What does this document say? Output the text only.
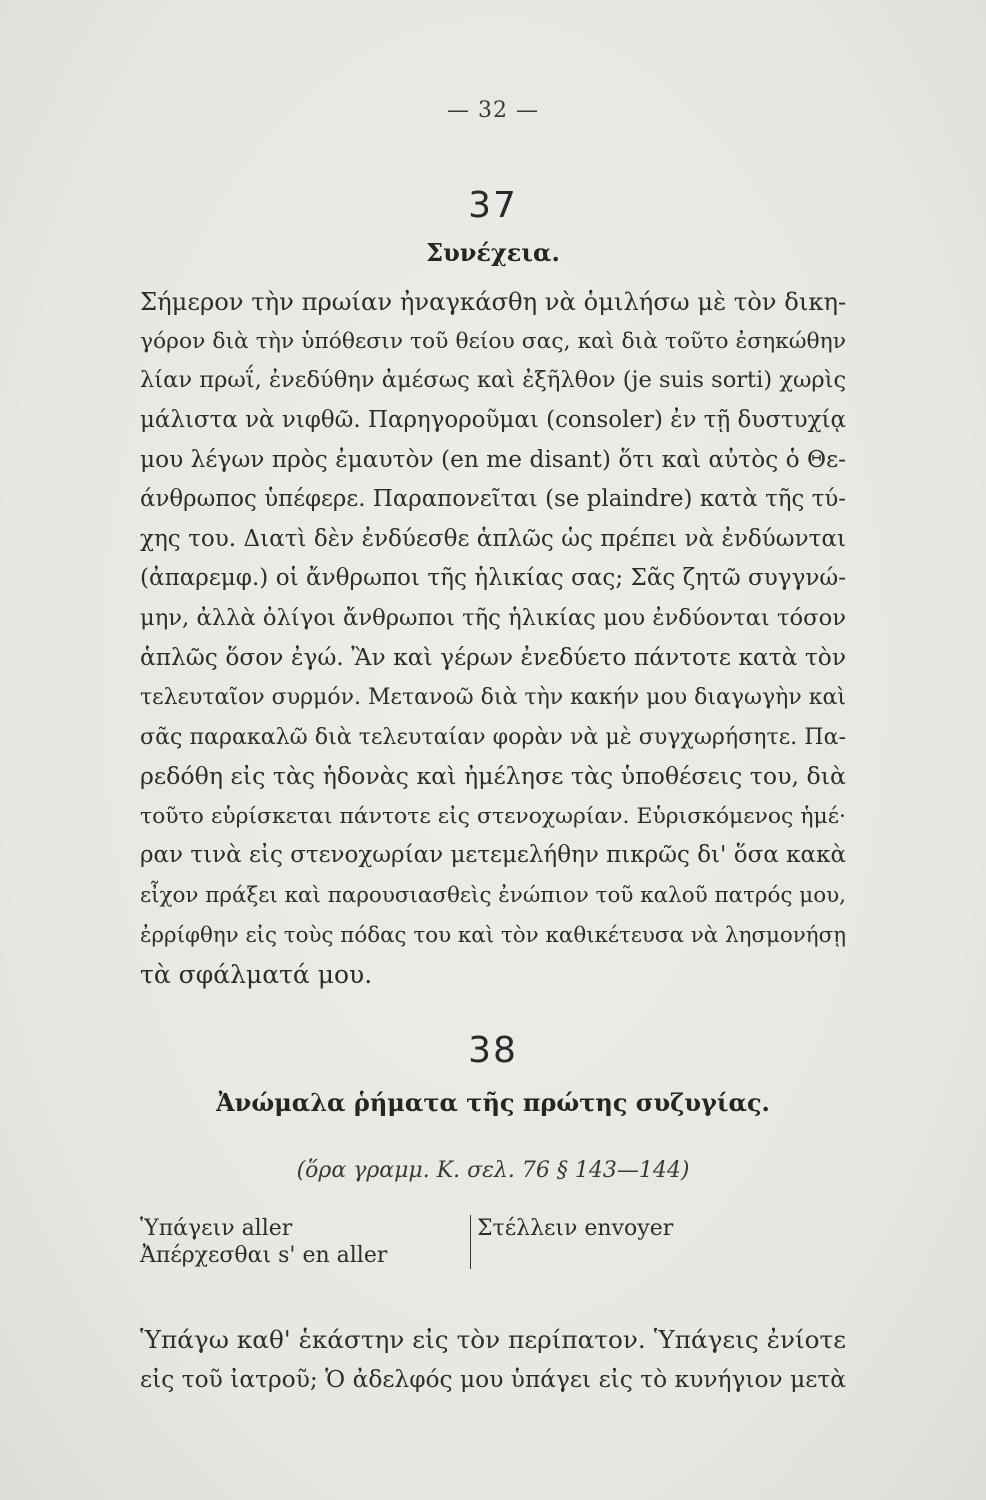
— 32 —
37
Συνέχεια.
Σήμερον τὴν πρωίαν ἠναγκάσθη νὰ ὁμιλήσω μὲ τὸν δικη-
γόρον διὰ τὴν ὑπόθεσιν τοῦ θείου σας, καὶ διὰ τοῦτο ἐσηκώθην
λίαν πρωΐ, ἐνεδύθην ἀμέσως καὶ ἐξῆλθον (je suis sorti) χωρὶς
μάλιστα νὰ νιφθῶ. Παρηγοροῦμαι (consoler) ἐν τῇ δυστυχίᾳ
μου λέγων πρὸς ἐμαυτὸν (en me disant) ὅτι καὶ αὐτὸς ὁ Θε-
άνθρωπος ὑπέφερε. Παραπονεῖται (se plaindre) κατὰ τῆς τύ-
χης του. Διατὶ δὲν ἐνδύεσθε ἁπλῶς ὡς πρέπει νὰ ἐνδύωνται
(ἀπαρεμφ.) οἱ ἄνθρωποι τῆς ἡλικίας σας; Σᾶς ζητῶ συγγνώ-
μην, ἀλλὰ ὀλίγοι ἄνθρωποι τῆς ἡλικίας μου ἐνδύονται τόσον
ἁπλῶς ὅσον ἐγώ. Ἂν καὶ γέρων ἐνεδύετο πάντοτε κατὰ τὸν
τελευταῖον συρμόν. Μετανοῶ διὰ τὴν κακήν μου διαγωγὴν καὶ
σᾶς παρακαλῶ διὰ τελευταίαν φορὰν νὰ μὲ συγχωρήσητε. Πα-
ρεδόθη εἰς τὰς ἡδονὰς καὶ ἠμέλησε τὰς ὑποθέσεις του, διὰ
τοῦτο εὑρίσκεται πάντοτε εἰς στενοχωρίαν. Εὑρισκόμενος ἡμέ·
ραν τινὰ εἰς στενοχωρίαν μετεμελήθην πικρῶς δι' ὅσα κακὰ
εἶχον πράξει καὶ παρουσιασθεὶς ἐνώπιον τοῦ καλοῦ πατρός μου,
ἐρρίφθην εἰς τοὺς πόδας του καὶ τὸν καθικέτευσα νὰ λησμονήσῃ
τὰ σφάλματά μου.
38
Ἀνώμαλα ῥήματα τῆς πρώτης συζυγίας.
(ὅρα γραμμ. Κ. σελ. 76 § 143—144)
Ὑπάγειν aller
Ἀπέρχεσθαι s' en aller
Στέλλειν envoyer
Ὑπάγω καθ' ἑκάστην εἰς τὸν περίπατον. Ὑπάγεις ἐνίοτε
εἰς τοῦ ἰατροῦ; Ὁ ἀδελφός μου ὑπάγει εἰς τὸ κυνήγιον μετὰ
